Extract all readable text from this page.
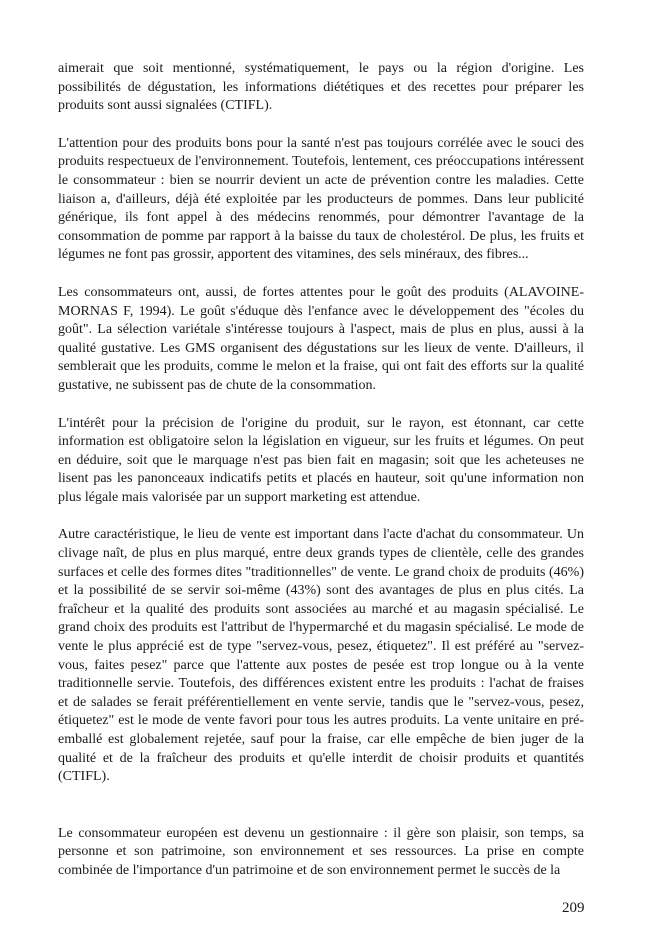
aimerait que soit mentionné, systématiquement, le pays ou la région d'origine. Les possibilités de dégustation, les informations diététiques et des recettes pour préparer les produits sont aussi signalées (CTIFL).

L'attention pour des produits bons pour la santé n'est pas toujours corrélée avec le souci des produits respectueux de l'environnement. Toutefois, lentement, ces préoccupations intéressent le consommateur : bien se nourrir devient un acte de prévention contre les maladies. Cette liaison a, d'ailleurs, déjà été exploitée par les producteurs de pommes. Dans leur publicité générique, ils font appel à des médecins renommés, pour démontrer l'avantage de la consommation de pomme par rapport à la baisse du taux de cholestérol. De plus, les fruits et légumes ne font pas grossir, apportent des vitamines, des sels minéraux, des fibres...

Les consommateurs ont, aussi, de fortes attentes pour le goût des produits (ALAVOINE-MORNAS F, 1994). Le goût s'éduque dès l'enfance avec le développement des "écoles du goût". La sélection variétale s'intéresse toujours à l'aspect, mais de plus en plus, aussi à la qualité gustative. Les GMS organisent des dégustations sur les lieux de vente. D'ailleurs, il semblerait que les produits, comme le melon et la fraise, qui ont fait des efforts sur la qualité gustative, ne subissent pas de chute de la consommation.

L'intérêt pour la précision de l'origine du produit, sur le rayon, est étonnant, car cette information est obligatoire selon la législation en vigueur, sur les fruits et légumes. On peut en déduire, soit que le marquage n'est pas bien fait en magasin; soit que les acheteuses ne lisent pas les panonceaux indicatifs petits et placés en hauteur, soit qu'une information non plus légale mais valorisée par un support marketing est attendue.

Autre caractéristique, le lieu de vente est important dans l'acte d'achat du consommateur. Un clivage naît, de plus en plus marqué, entre deux grands types de clientèle, celle des grandes surfaces et celle des formes dites "traditionnelles" de vente. Le grand choix de produits (46%) et la possibilité de se servir soi-même (43%) sont des avantages de plus en plus cités. La fraîcheur et la qualité des produits sont associées au marché et au magasin spécialisé. Le grand choix des produits est l'attribut de l'hypermarché et du magasin spécialisé. Le mode de vente le plus apprécié est de type "servez-vous, pesez, étiquetez". Il est préféré au "servez-vous, faites pesez" parce que l'attente aux postes de pesée est trop longue ou à la vente traditionnelle servie. Toutefois, des différences existent entre les produits : l'achat de fraises et de salades se ferait préférentiellement en vente servie, tandis que le "servez-vous, pesez, étiquetez" est le mode de vente favori pour tous les autres produits. La vente unitaire en pré-emballé est globalement rejetée, sauf pour la fraise, car elle empêche de bien juger de la qualité et de la fraîcheur des produits et qu'elle interdit de choisir produits et quantités (CTIFL).

Le consommateur européen est devenu un gestionnaire : il gère son plaisir, son temps, sa personne et son patrimoine, son environnement et ses ressources. La prise en compte combinée de l'importance d'un patrimoine et de son environnement permet le succès de la

209
